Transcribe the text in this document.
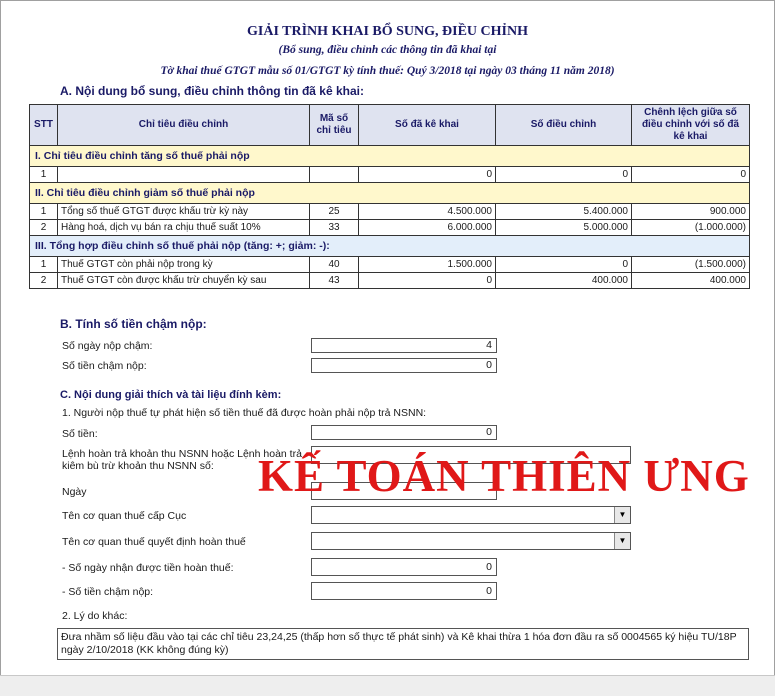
GIẢI TRÌNH KHAI BỔ SUNG, ĐIỀU CHỈNH
(Bổ sung, điều chỉnh các thông tin đã khai tại
Tờ khai thuế GTGT mẫu số 01/GTGT kỳ tính thuế: Quý 3/2018 tại ngày 03 tháng 11 năm 2018)
A. Nội dung bổ sung, điều chỉnh thông tin đã kê khai:
STT	Chỉ tiêu điều chỉnh	Mã số chỉ tiêu	Số đã kê khai	Số điều chỉnh	Chênh lệch giữa số điều chỉnh với số đã kê khai
I. Chỉ tiêu điều chỉnh tăng số thuế phải nộp					
1			0	0	0
II. Chỉ tiêu điều chỉnh giảm số thuế phải nộp					
1	Tổng số thuế GTGT được khấu trừ kỳ này	25	4.500.000	5.400.000	900.000
2	Hàng hoá, dịch vụ bán ra chịu thuế suất 10%	33	6.000.000	5.000.000	(1.000.000)
III. Tổng hợp điều chỉnh số thuế phải nộp (tăng: +; giảm: -):					
1	Thuế GTGT còn phải nộp trong kỳ	40	1.500.000	0	(1.500.000)
2	Thuế GTGT còn được khấu trừ chuyển kỳ sau	43	0	400.000	400.000
B. Tính số tiền chậm nộp:
Số ngày nộp chậm:	4
Số tiền chậm nộp:	0
C. Nội dung giải thích và tài liệu đính kèm:
1. Người nộp thuế tự phát hiện số tiền thuế đã được hoàn phải nộp trả NSNN:
Số tiền:	0
Lệnh hoàn trả khoản thu NSNN hoặc Lệnh hoàn trả kiêm bù trừ khoản thu NSNN số:
Ngày
Tên cơ quan thuế cấp Cục	▼
Tên cơ quan thuế quyết định hoàn thuế	▼
- Số ngày nhận được tiền hoàn thuế:	0
- Số tiền chậm nộp:	0
2. Lý do khác:
Đưa nhầm số liệu đầu vào tại các chỉ tiêu 23,24,25 (thấp hơn số thực tế phát sinh) và Kê khai thừa 1 hóa đơn đầu ra số 0004565 ký hiệu TU/18P ngày 2/10/2018 (KK không đúng kỳ)
KẾ TOÁN THIÊN ƯNG
